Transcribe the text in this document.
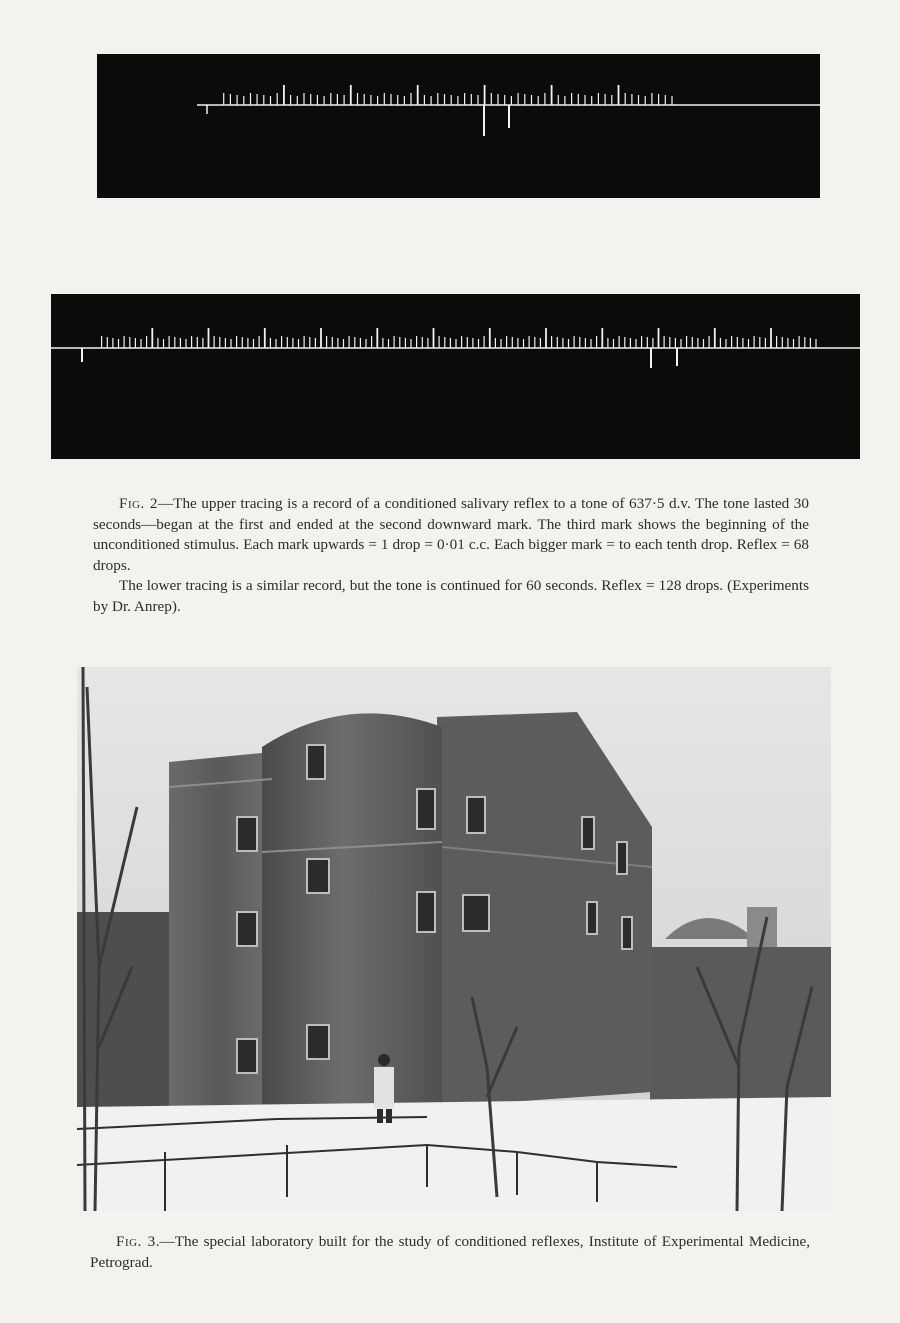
Fig. 2—The upper tracing is a record of a conditioned salivary reflex to a tone of 637·5 d.v. The tone lasted 30 seconds—began at the first and ended at the second downward mark. The third mark shows the beginning of the unconditioned stimulus. Each mark upwards = 1 drop = 0·01 c.c. Each bigger mark = to each tenth drop. Reflex = 68 drops.

The lower tracing is a similar record, but the tone is continued for 60 seconds. Reflex = 128 drops. (Experiments by Dr. Anrep).

Fig. 3.—The special laboratory built for the study of conditioned reflexes, Institute of Experimental Medicine, Petrograd.
